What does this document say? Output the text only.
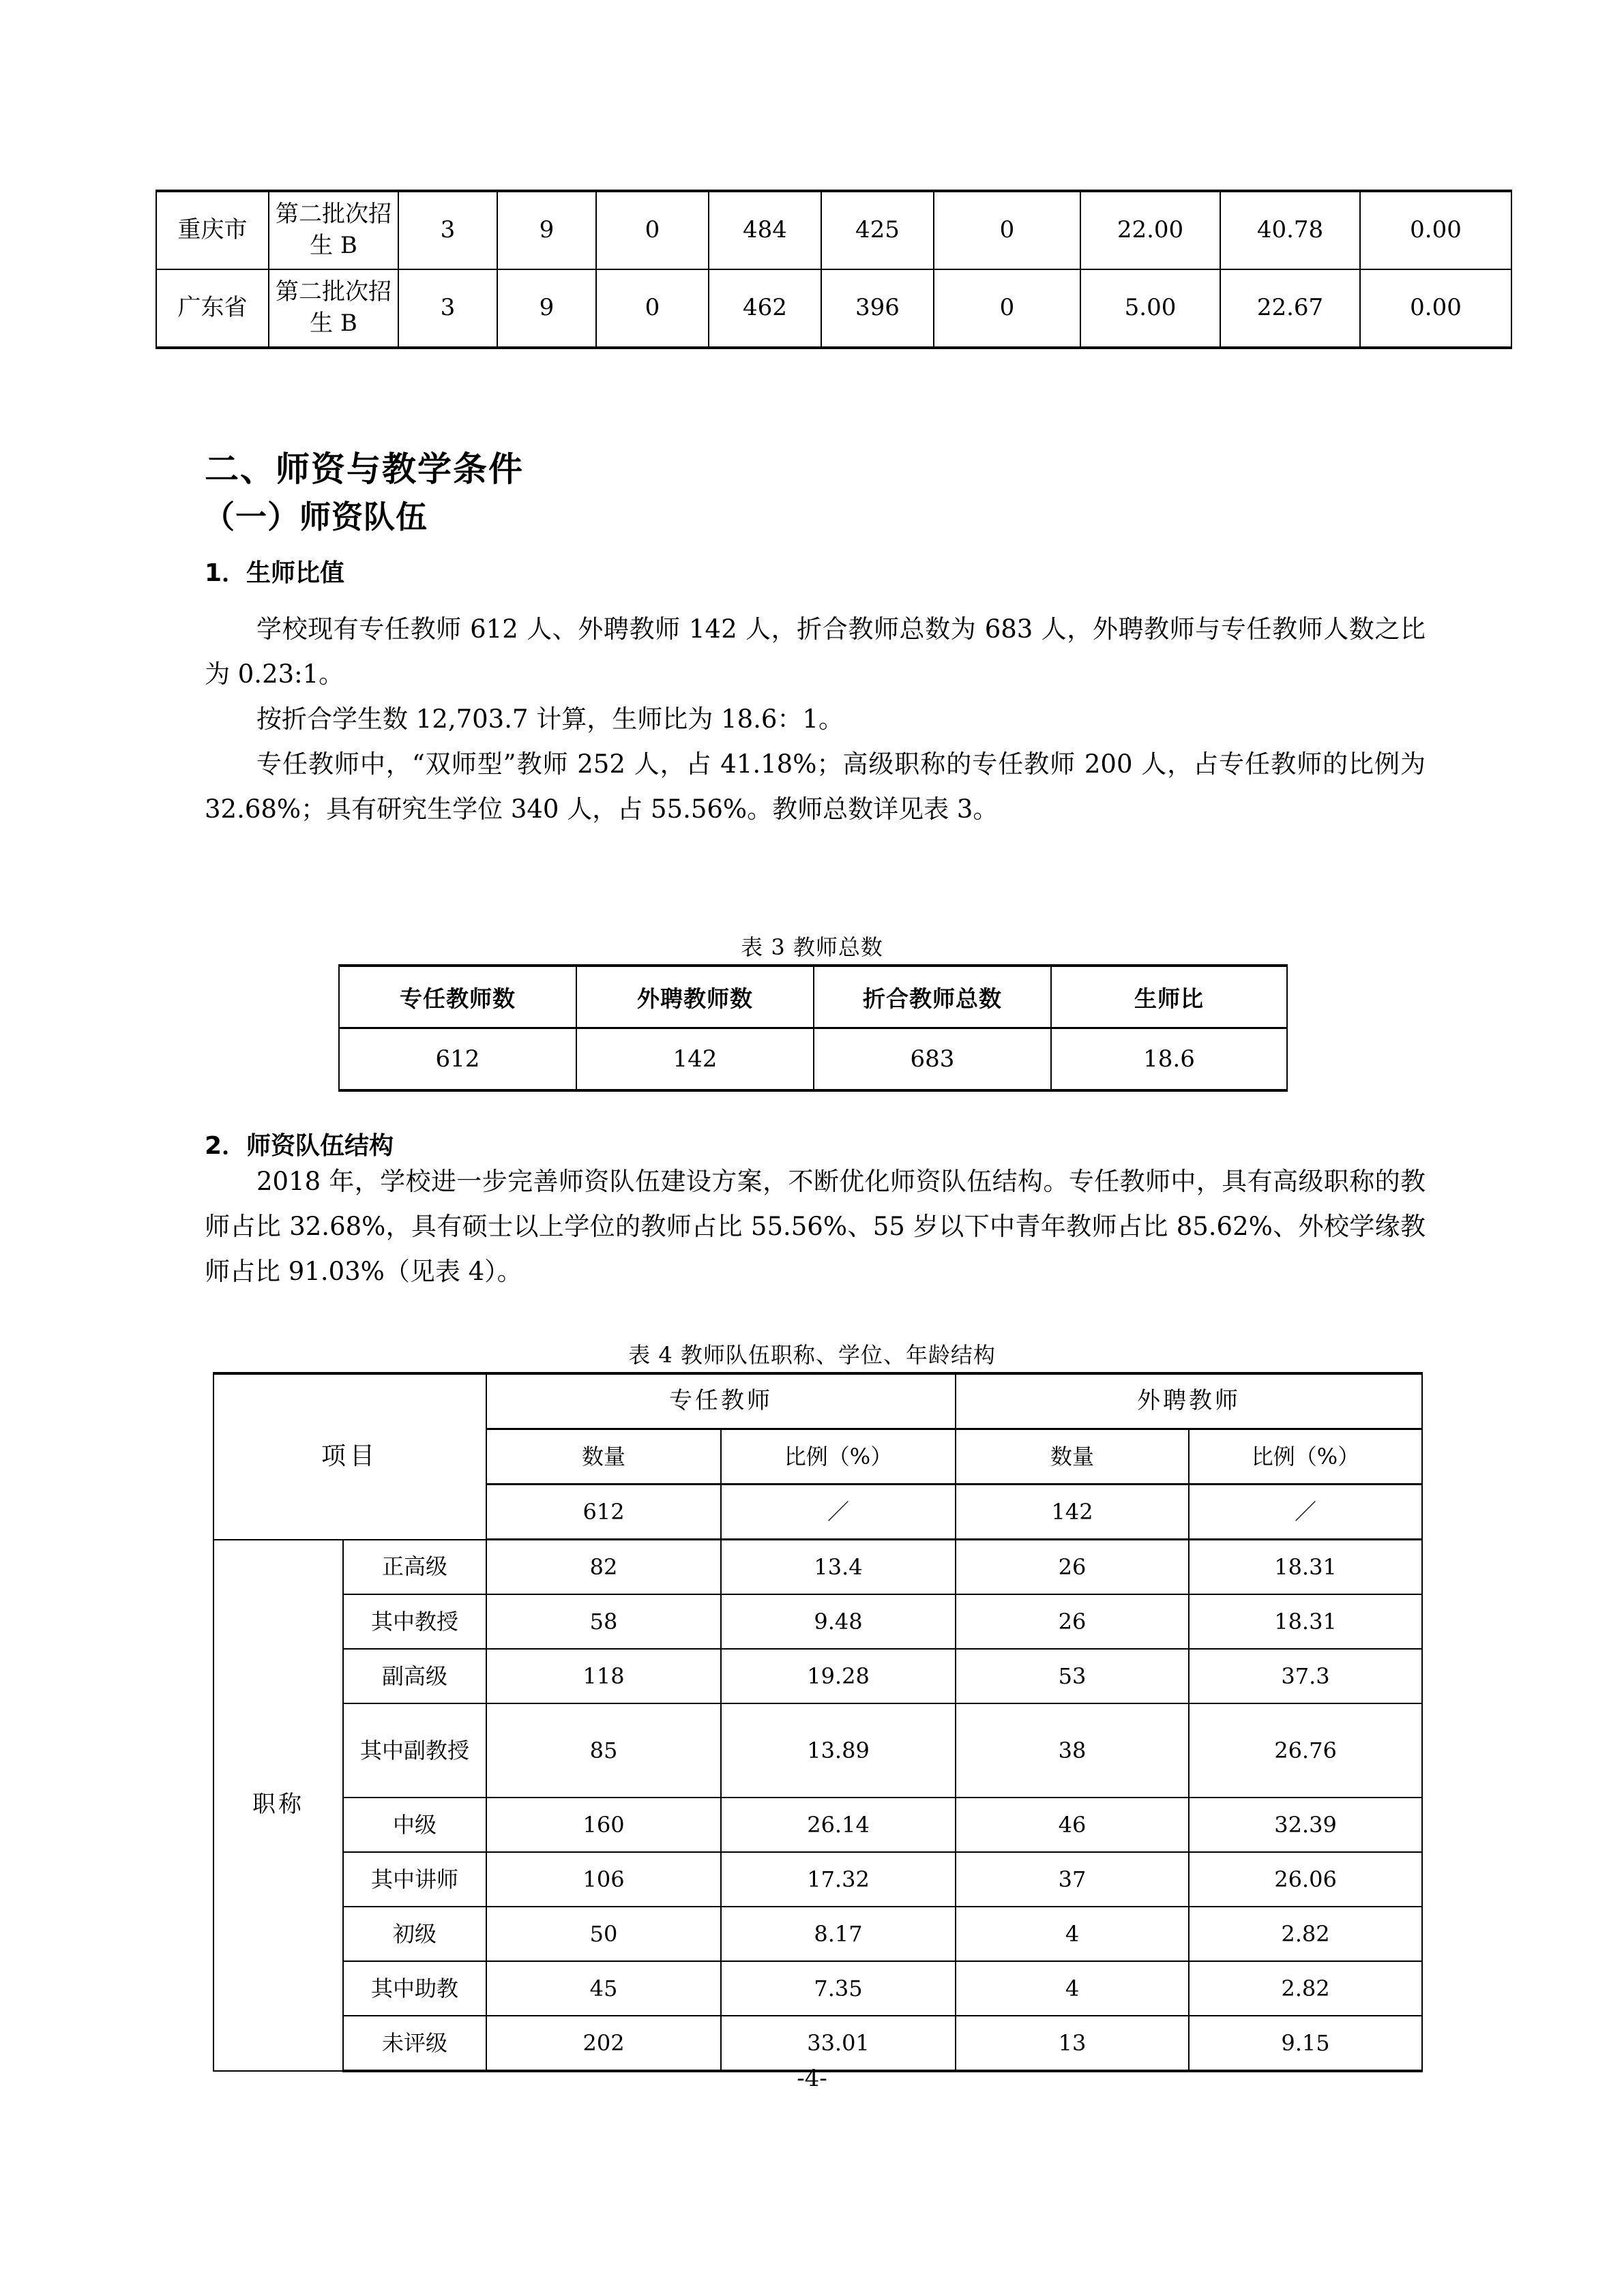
重庆市	第二批次招生 B	3	9	0	484	425	0	22.00	40.78	0.00
广东省	第二批次招生 B	3	9	0	462	396	0	5.00	22.67	0.00
二、师资与教学条件
（一）师资队伍
1．生师比值
学校现有专任教师 612 人、外聘教师 142 人，折合教师总数为 683 人，外聘教师与专任教师人数之比为 0.23:1。
按折合学生数 12,703.7 计算，生师比为 18.6：1。
专任教师中，“双师型”教师 252 人，占 41.18%；高级职称的专任教师 200 人，占专任教师的比例为 32.68%；具有研究生学位 340 人，占 55.56%。教师总数详见表 3。
表 3 教师总数
专任教师数	外聘教师数	折合教师总数	生师比
612	142	683	18.6
2．师资队伍结构
2018 年，学校进一步完善师资队伍建设方案，不断优化师资队伍结构。专任教师中，具有高级职称的教师占比 32.68%，具有硕士以上学位的教师占比 55.56%、55 岁以下中青年教师占比 85.62%、外校学缘教师占比 91.03%（见表 4）。
表 4 教师队伍职称、学位、年龄结构
项目		专任教师		外聘教师	
		数量	比例（%）	数量	比例（%）
		612	／	142	／
职称	正高级	82	13.4	26	18.31
	其中教授	58	9.48	26	18.31
	副高级	118	19.28	53	37.3
	其中副教授	85	13.89	38	26.76
	中级	160	26.14	46	32.39
	其中讲师	106	17.32	37	26.06
	初级	50	8.17	4	2.82
	其中助教	45	7.35	4	2.82
	未评级	202	33.01	13	9.15
-4-
